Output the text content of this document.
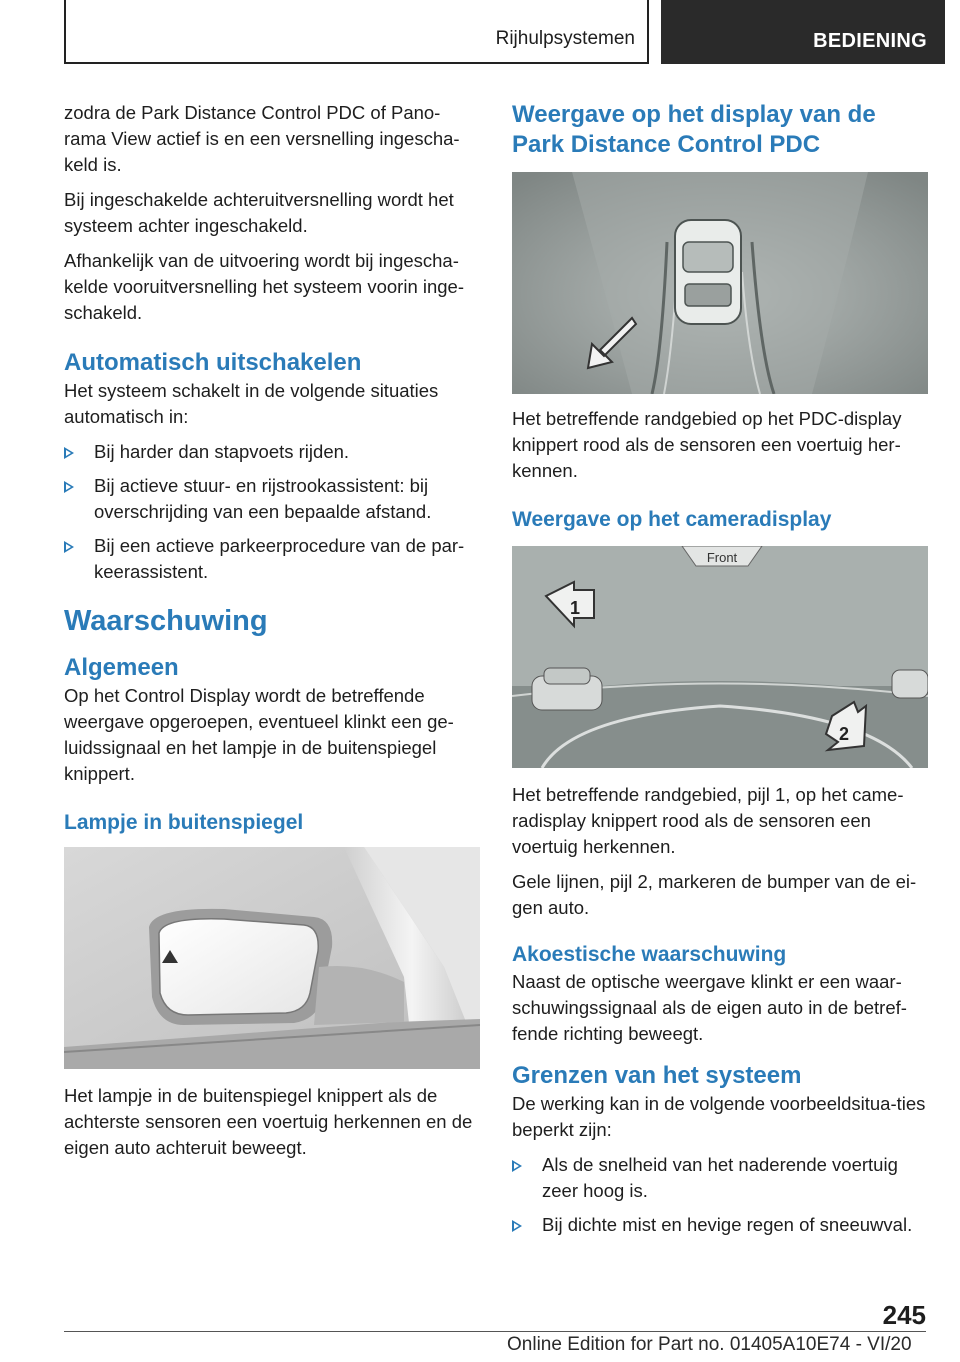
Rijhulpsystemen	BEDIENING

zodra de Park Distance Control PDC of Pano-rama View actief is en een versnelling ingescha-keld is.

Bij ingeschakelde achteruitversnelling wordt het systeem achter ingeschakeld.

Afhankelijk van de uitvoering wordt bij ingescha-kelde vooruitversnelling het systeem voorin inge-schakeld.

Automatisch uitschakelen

Het systeem schakelt in de volgende situaties automatisch in:

Bij harder dan stapvoets rijden.
Bij actieve stuur- en rijstrookassistent: bij overschrijding van een bepaalde afstand.
Bij een actieve parkeerprocedure van de par-keerassistent.
Waarschuwing
Algemeen

Op het Control Display wordt de betreffende weergave opgeroepen, eventueel klinkt een ge-luidssignaal en het lampje in de buitenspiegel knippert.

Lampje in buitenspiegel

Het lampje in de buitenspiegel knippert als de achterste sensoren een voertuig herkennen en de eigen auto achteruit beweegt.

Weergave op het display van de Park Distance Control PDC

Het betreffende randgebied op het PDC-display knippert rood als de sensoren een voertuig her-kennen.

Weergave op het cameradisplay
Front
1
2

Het betreffende randgebied, pijl 1, op het came-radisplay knippert rood als de sensoren een voertuig herkennen.

Gele lijnen, pijl 2, markeren de bumper van de ei-gen auto.

Akoestische waarschuwing

Naast de optische weergave klinkt er een waar-schuwingssignaal als de eigen auto in de betref-fende richting beweegt.

Grenzen van het systeem

De werking kan in de volgende voorbeeldsitua-ties beperkt zijn:

Als de snelheid van het naderende voertuig zeer hoog is.
Bij dichte mist en hevige regen of sneeuwval.
245
Online Edition for Part no. 01405A10E74 - VI/20
